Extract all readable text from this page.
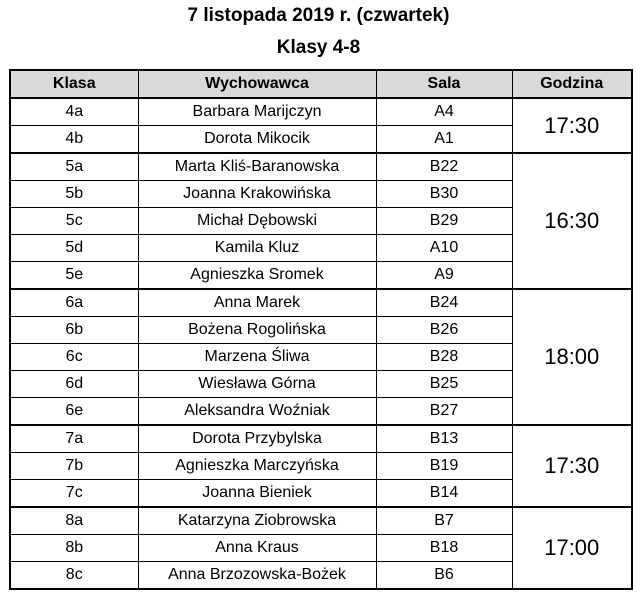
7 listopada 2019 r. (czwartek)
Klasy 4-8
Klasa	Wychowawca	Sala	Godzina
4a	Barbara Marijczyn	A4	17:30
4b	Dorota Mikocik	A1	
5a	Marta Kliś-Baranowska	B22	16:30
5b	Joanna Krakowińska	B30	
5c	Michał Dębowski	B29	
5d	Kamila Kluz	A10	
5e	Agnieszka Sromek	A9	
6a	Anna Marek	B24	18:00
6b	Bożena Rogolińska	B26	
6c	Marzena Śliwa	B28	
6d	Wiesława Górna	B25	
6e	Aleksandra Woźniak	B27	
7a	Dorota Przybylska	B13	17:30
7b	Agnieszka Marczyńska	B19	
7c	Joanna Bieniek	B14	
8a	Katarzyna Ziobrowska	B7	17:00
8b	Anna Kraus	B18	
8c	Anna Brzozowska-Bożek	B6	
